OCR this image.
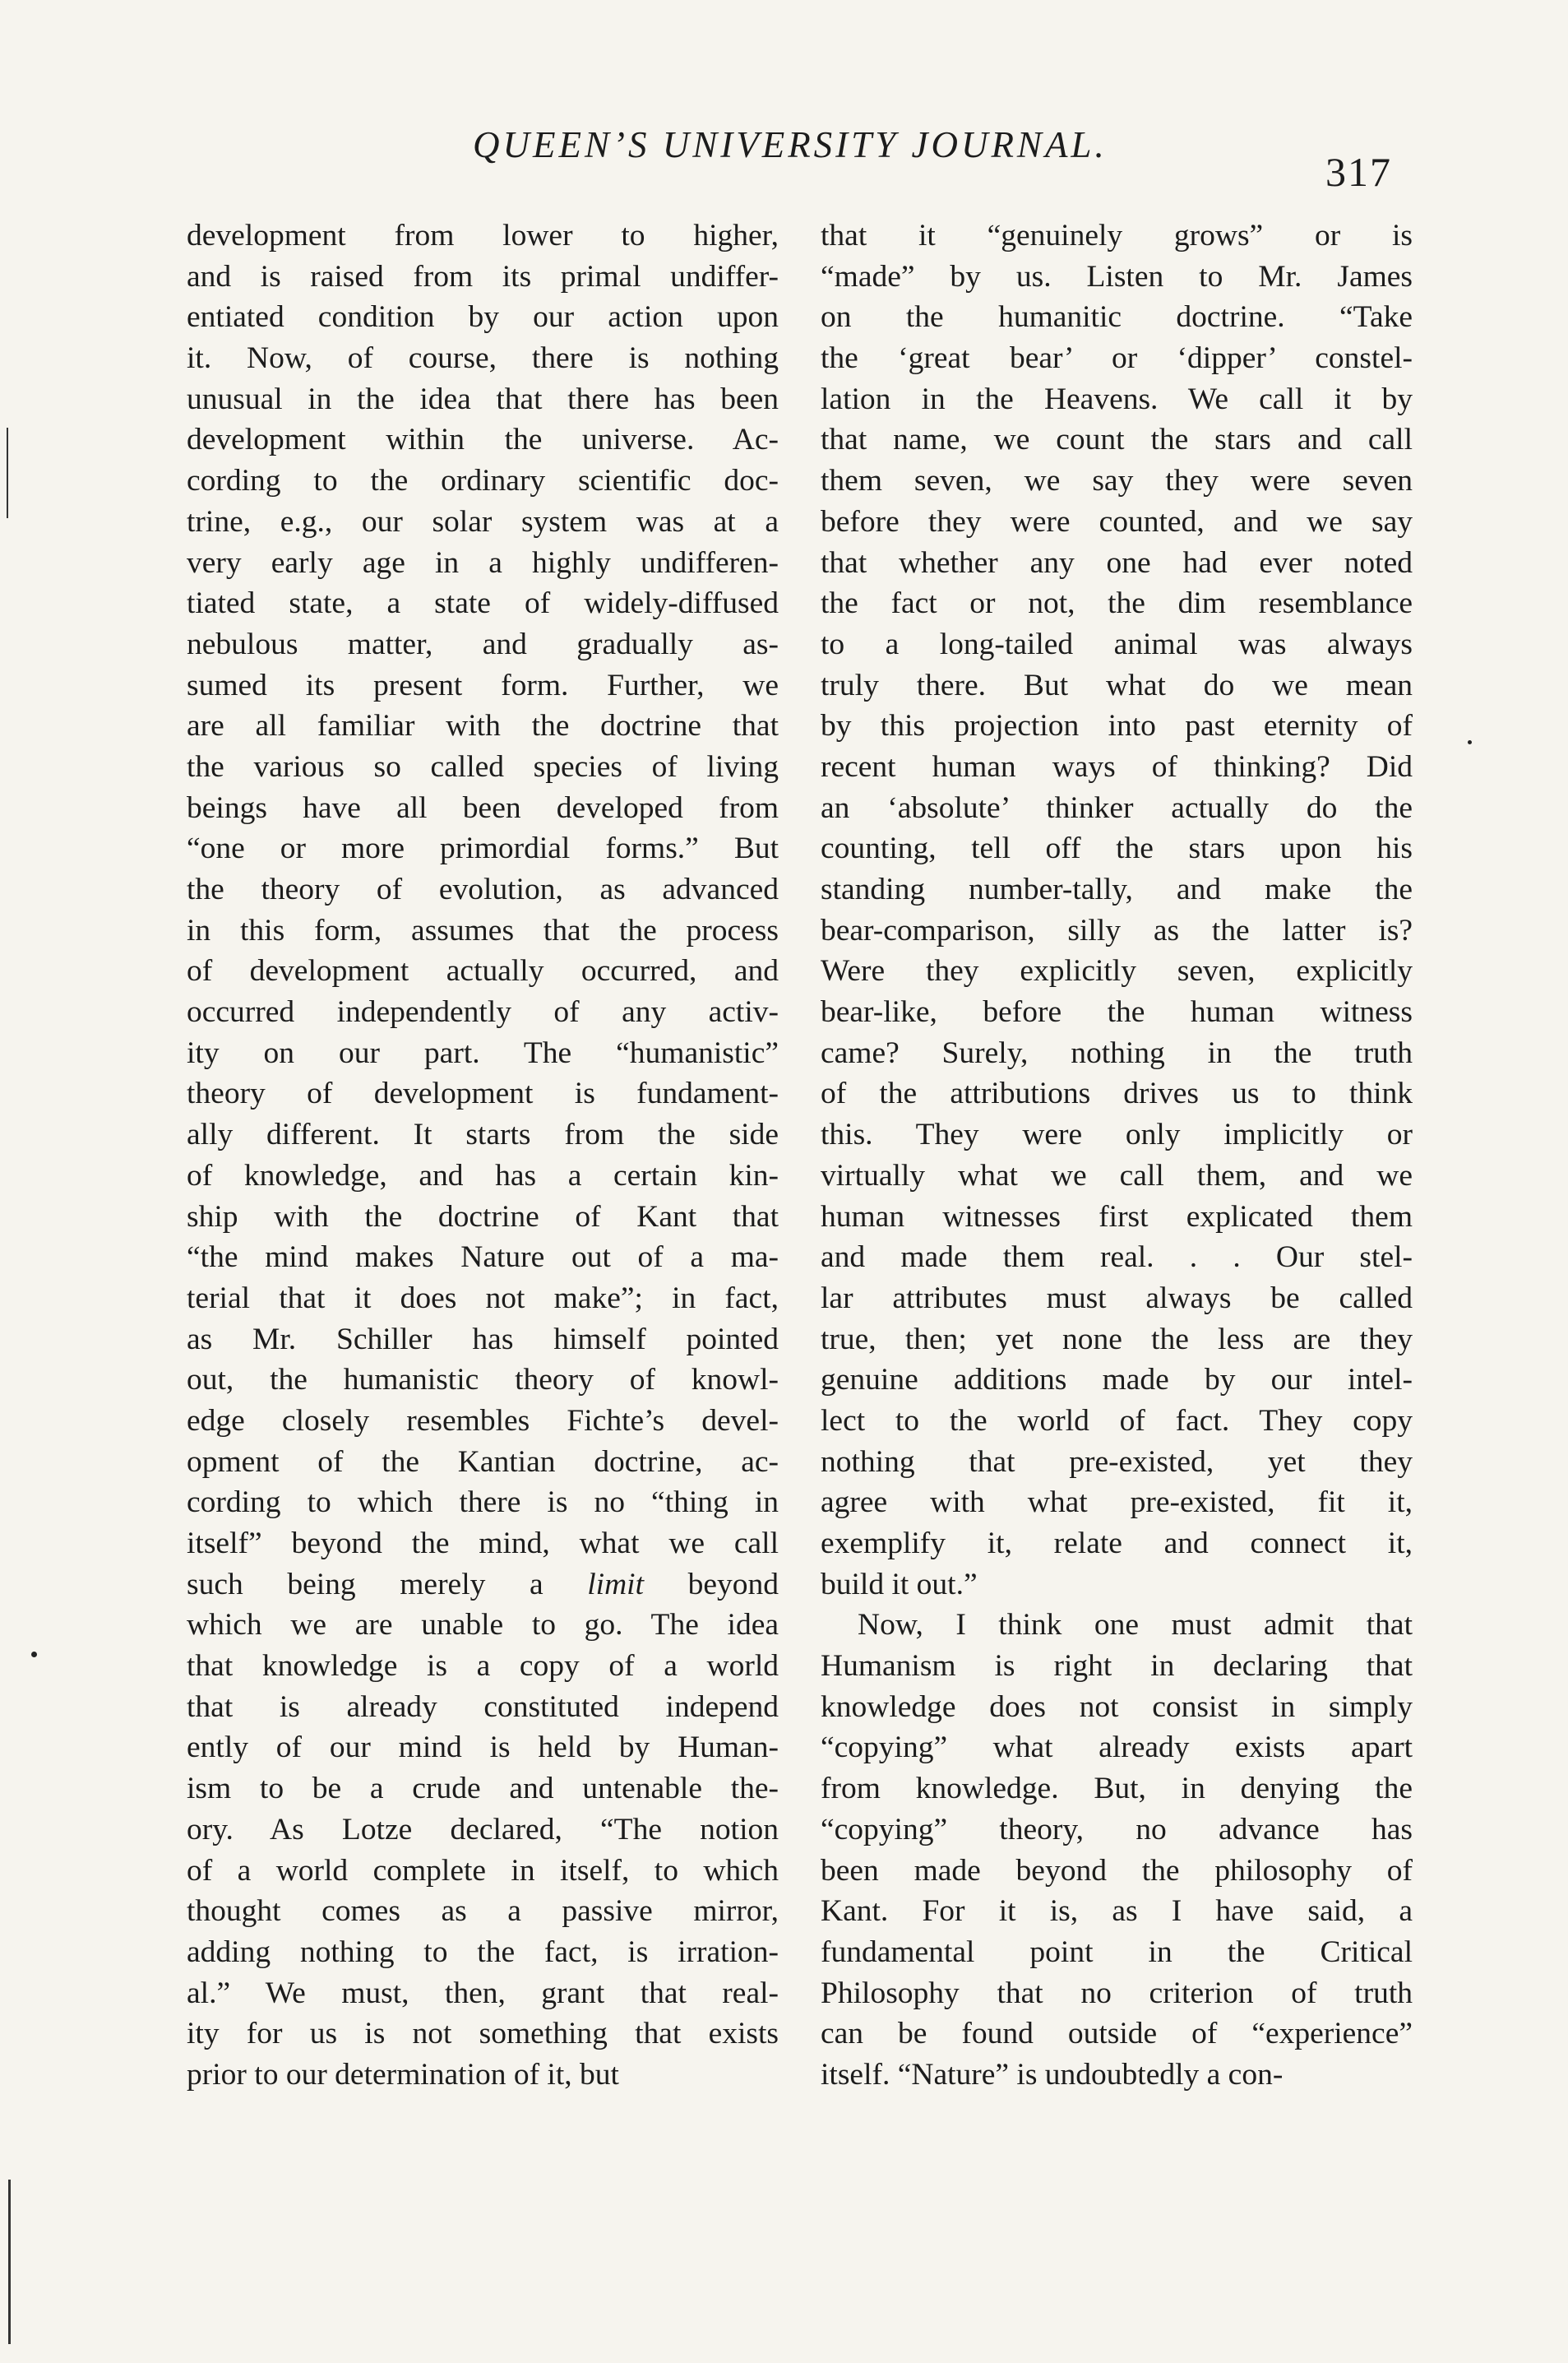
QUEEN’S UNIVERSITY JOURNAL.
317
development from lower to higher,
and is raised from its primal undiffer-
entiated condition by our action upon
it. Now, of course, there is nothing
unusual in the idea that there has been
development within the universe. Ac-
cording to the ordinary scientific doc-
trine, e.g., our solar system was at a
very early age in a highly undifferen-
tiated state, a state of widely-diffused
nebulous matter, and gradually as-
sumed its present form. Further, we
are all familiar with the doctrine that
the various so called species of living
beings have all been developed from
“one or more primordial forms.” But
the theory of evolution, as advanced
in this form, assumes that the process
of development actually occurred, and
occurred independently of any activ-
ity on our part. The “humanistic”
theory of development is fundament-
ally different. It starts from the side
of knowledge, and has a certain kin-
ship with the doctrine of Kant that
“the mind makes Nature out of a ma-
terial that it does not make”; in fact,
as Mr. Schiller has himself pointed
out, the humanistic theory of knowl-
edge closely resembles Fichte’s devel-
opment of the Kantian doctrine, ac-
cording to which there is no “thing in
itself” beyond the mind, what we call
such being merely a limit beyond
which we are unable to go. The idea
that knowledge is a copy of a world
that is already constituted independ
ently of our mind is held by Human-
ism to be a crude and untenable the-
ory. As Lotze declared, “The notion
of a world complete in itself, to which
thought comes as a passive mirror,
adding nothing to the fact, is irration-
al.” We must, then, grant that real-
ity for us is not something that exists
prior to our determination of it, but
that it “genuinely grows” or is
“made” by us. Listen to Mr. James
on the humanitic doctrine. “Take
the ‘great bear’ or ‘dipper’ constel-
lation in the Heavens. We call it by
that name, we count the stars and call
them seven, we say they were seven
before they were counted, and we say
that whether any one had ever noted
the fact or not, the dim resemblance
to a long-tailed animal was always
truly there. But what do we mean
by this projection into past eternity of
recent human ways of thinking? Did
an ‘absolute’ thinker actually do the
counting, tell off the stars upon his
standing number-tally, and make the
bear-comparison, silly as the latter is?
Were they explicitly seven, explicitly
bear-like, before the human witness
came? Surely, nothing in the truth
of the attributions drives us to think
this. They were only implicitly or
virtually what we call them, and we
human witnesses first explicated them
and made them real. . . Our stel-
lar attributes must always be called
true, then; yet none the less are they
genuine additions made by our intel-
lect to the world of fact. They copy
nothing that pre-existed, yet they
agree with what pre-existed, fit it,
exemplify it, relate and connect it,
build it out.”
Now, I think one must admit that
Humanism is right in declaring that
knowledge does not consist in simply
“copying” what already exists apart
from knowledge. But, in denying the
“copying” theory, no advance has
been made beyond the philosophy of
Kant. For it is, as I have said, a
fundamental point in the Critical
Philosophy that no criterion of truth
can be found outside of “experience”
itself. “Nature” is undoubtedly a con-
